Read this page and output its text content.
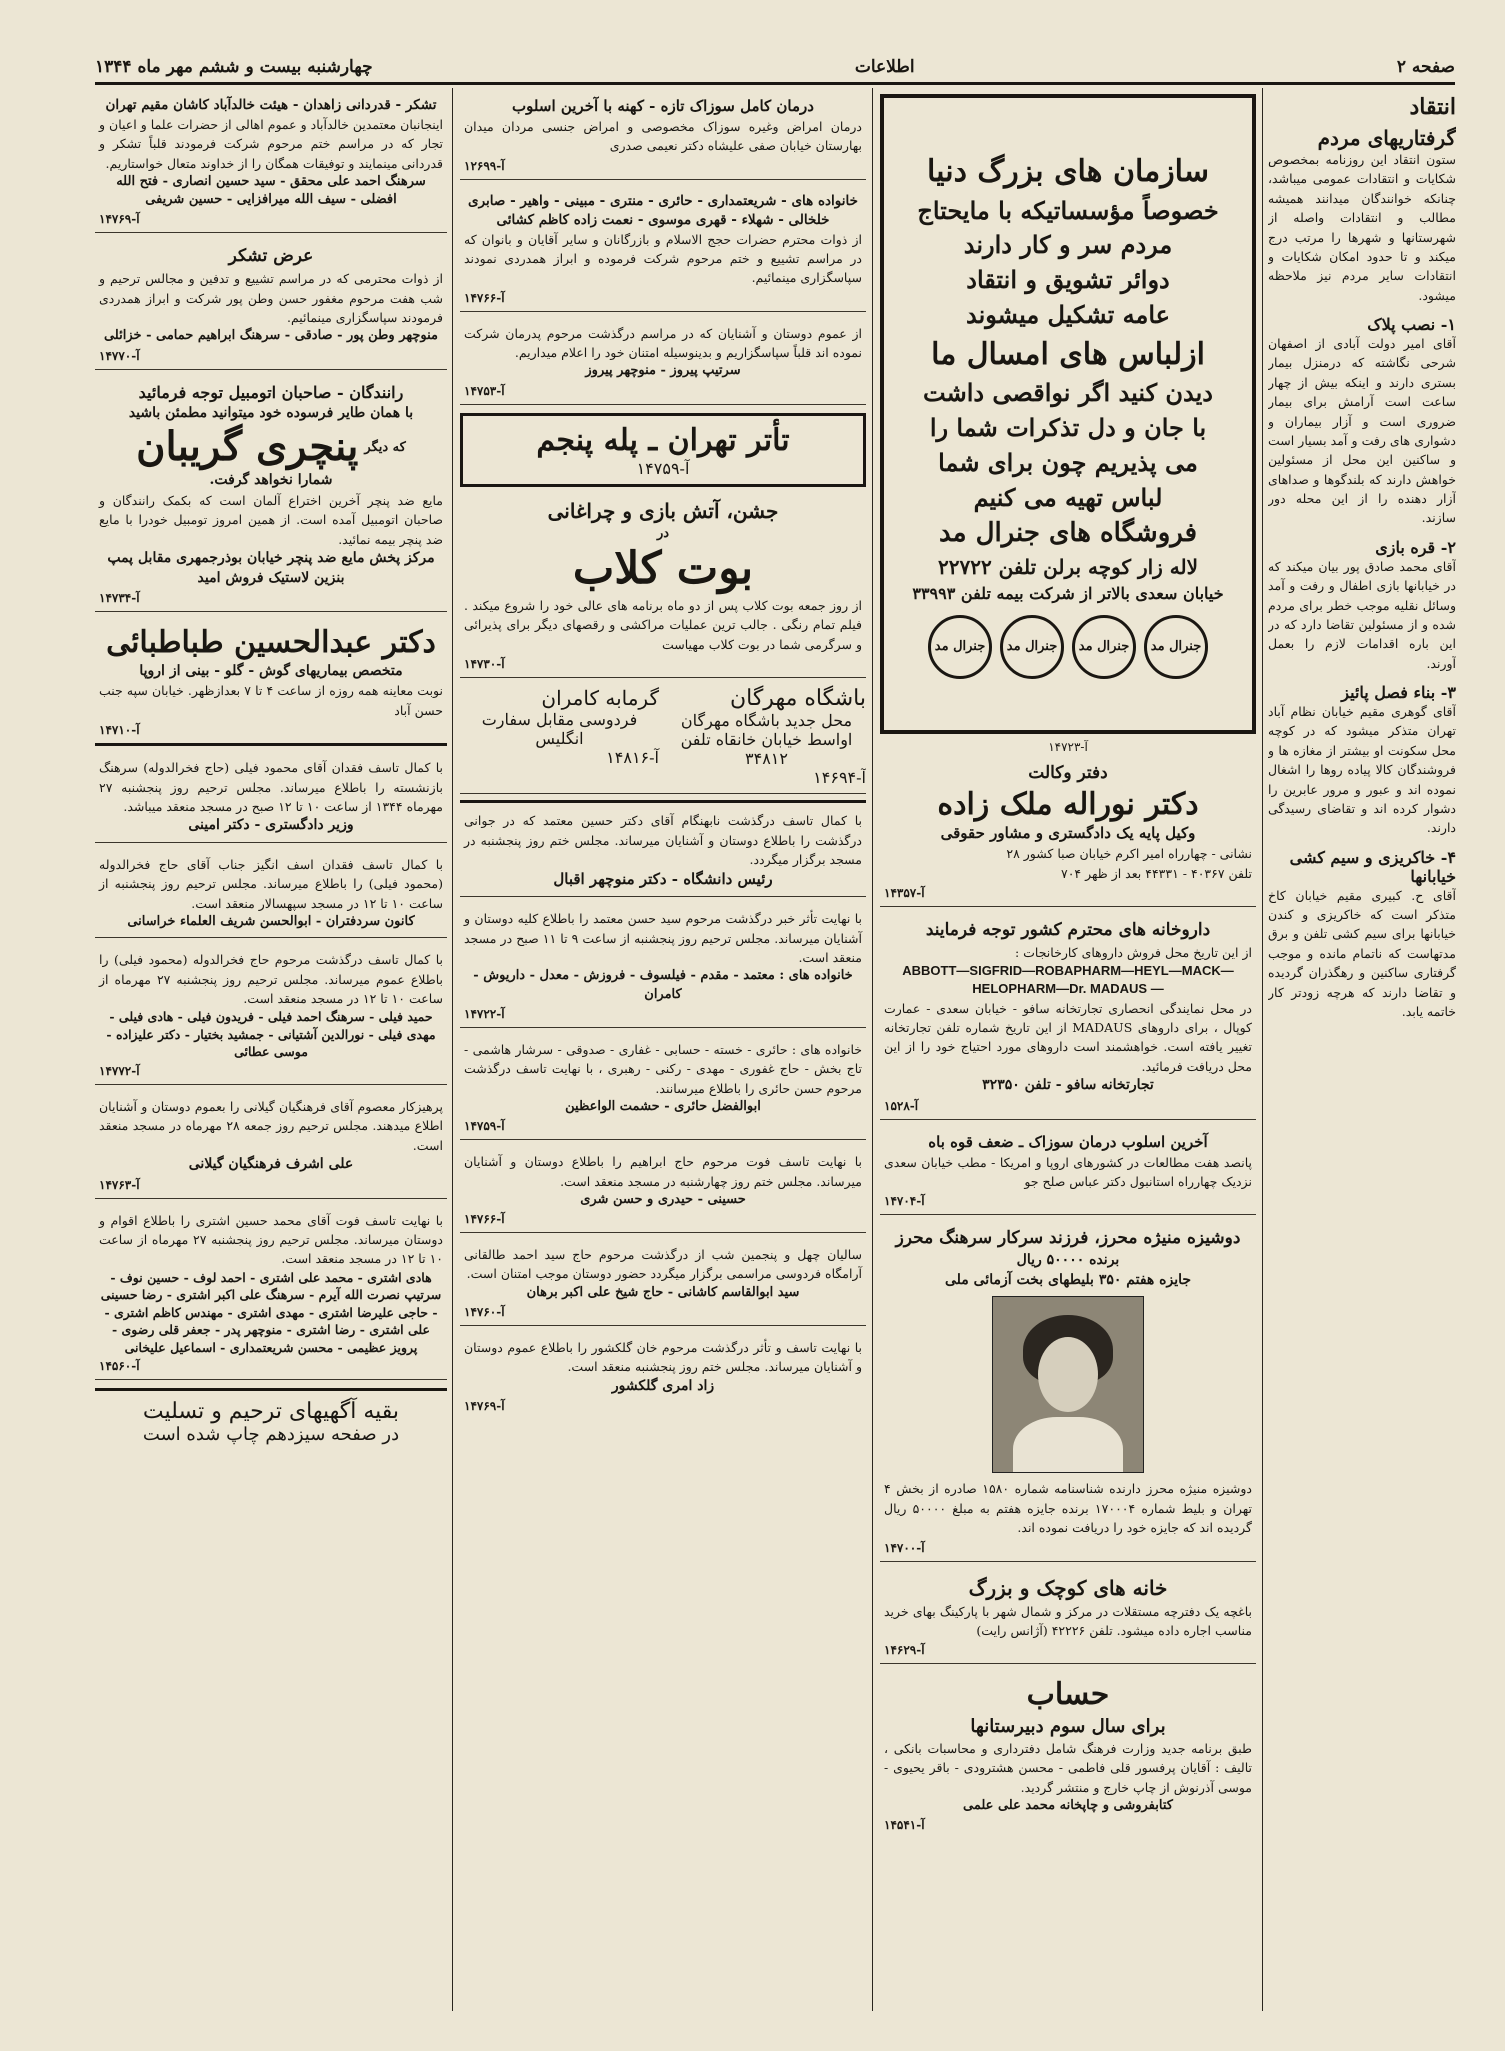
صفحه ۲
اطلاعات
چهارشنبه بیست و ششم مهر ماه ۱۳۴۴
انتقاد
گرفتاریهای مردم
ستون انتقاد این روزنامه بمخصوص شکایات و انتقادات عمومی میباشد، چنانکه خوانندگان میدانند همیشه مطالب و انتقادات واصله از شهرستانها و شهرها را مرتب درج میکند و تا حدود امکان شکایات و انتقادات سایر مردم نیز ملاحظه میشود.
۱- نصب پلاک
آقای امیر دولت آبادی از اصفهان شرحی نگاشته که درمنزل بیمار بستری دارند و اینکه بیش از چهار ساعت است آرامش برای بیمار ضروری است و آزار بیماران و دشواری های رفت و آمد بسیار است و ساکنین این محل از مسئولین خواهش دارند که بلندگوها و صداهای آزار دهنده را از این محله دور سازند.
۲- قره بازی
آقای محمد صادق پور بیان میکند که در خیابانها بازی اطفال و رفت و آمد وسائل نقلیه موجب خطر برای مردم شده و از مسئولین تقاضا دارد که در این باره اقدامات لازم را بعمل آورند.
۳- بناء فصل پائیز
آقای گوهری مقیم خیابان نظام آباد تهران متذکر میشود که در کوچه محل سکونت او بیشتر از مغازه ها و فروشندگان کالا پیاده روها را اشغال نموده اند و عبور و مرور عابرین را دشوار کرده اند و تقاضای رسیدگی دارند.
۴- خاکریزی و سیم کشی خیابانها
آقای ح. کبیری مقیم خیابان کاخ متذکر است که خاکریزی و کندن خیابانها برای سیم کشی تلفن و برق مدتهاست که ناتمام مانده و موجب گرفتاری ساکنین و رهگذران گردیده و تقاضا دارند که هرچه زودتر کار خاتمه یابد.
سازمان های بزرگ دنیا
خصوصاً مؤسساتیکه با مایحتاج
مردم سر و کار دارند
دوائر تشویق و انتقاد
عامه تشکیل میشوند
ازلباس های امسال ما
دیدن کنید اگر نواقصی داشت
با جان و دل تذکرات شما را
می پذیریم چون برای شما
لباس تهیه می کنیم
فروشگاه های جنرال مد
لاله زار کوچه برلن تلفن ۲۲۷۲۲
خیابان سعدی بالاتر از شرکت بیمه تلفن ۳۳۹۹۳
جنرال مد
جنرال مد
جنرال مد
جنرال مد
آ-۱۴۷۲۳
دفتر وکالت
دکتر نوراله ملک زاده
وکیل پایه یک دادگستری و مشاور حقوقی
نشانی - چهارراه امیر اکرم خیابان صبا کشور ۲۸
تلفن ۴۰۳۶۷ - ۴۴۳۳۱ بعد از ظهر ۷۰۴
آ-۱۴۳۵۷
داروخانه های محترم کشور توجه فرمایند
از این تاریخ محل فروش داروهای کارخانجات :
ABBOTT—SIGFRID—ROBAPHARM—HEYL—MACK—HELOPHARM—Dr. MADAUS —
در محل نمایندگی انحصاری تجارتخانه سافو - خیابان سعدی - عمارت کوپال ، برای داروهای MADAUS از این تاریخ شماره تلفن تجارتخانه تغییر یافته است. خواهشمند است داروهای مورد احتیاج خود را از این محل دریافت فرمائید.
تجارتخانه سافو - تلفن ۳۲۳۵۰
آ-۱۵۲۸
آخرین اسلوب درمان سوزاک ـ ضعف قوه باه
پانصد هفت مطالعات در کشورهای اروپا و امریکا - مطب خیابان سعدی نزدیک چهارراه استانبول دکتر عباس صلح جو
آ-۱۴۷۰۴
دوشیزه منیژه محرز، فرزند سرکار سرهنگ محرز
برنده ۵۰۰۰۰ ریال
جایزه هفتم ۳۵۰ بلیطهای بخت آزمائی ملی
دوشیزه منیژه محرز دارنده شناسنامه شماره ۱۵۸۰ صادره از بخش ۴ تهران و بلیط شماره ۱۷۰۰۰۴ برنده جایزه هفتم به مبلغ ۵۰۰۰۰ ریال گردیده اند که جایزه خود را دریافت نموده اند.
آ-۱۴۷۰۰
خانه های کوچک و بزرگ
باغچه یک دفترچه مستقلات در مرکز و شمال شهر با پارکینگ بهای خرید مناسب اجاره داده میشود. تلفن ۴۲۲۲۶ (آژانس رایت)
آ-۱۴۶۲۹
حساب
برای سال سوم دبیرستانها
طبق برنامه جدید وزارت فرهنگ شامل دفترداری و محاسبات بانکی ، تالیف : آقایان پرفسور قلی فاطمی - محسن هشترودی - باقر یحیوی - موسی آذرنوش از چاپ خارج و منتشر گردید.
کتابفروشی و چاپخانه محمد علی علمی
آ-۱۴۵۴۱
درمان کامل سوزاک تازه - کهنه با آخرین اسلوب
درمان امراض وغیره سوزاک مخصوصی و امراض جنسی مردان میدان بهارستان خیابان صفی علیشاه دکتر نعیمی صدری
آ-۱۲۶۹۹
خانواده های - شریعتمداری - حائری - منتری - مبینی - واهیر - صابری خلخالی - شهلاء - قهری موسوی - نعمت زاده کاظم کشائی
از ذوات محترم حضرات حجج الاسلام و بازرگانان و سایر آقایان و بانوان که در مراسم تشییع و ختم مرحوم شرکت فرموده و ابراز همدردی نمودند سپاسگزاری مینمائیم.
آ-۱۴۷۶۶
از عموم دوستان و آشنایان که در مراسم درگذشت مرحوم پدرمان شرکت نموده اند قلباً سپاسگزاریم و بدینوسیله امتنان خود را اعلام میداریم.
سرتیپ پیروز - منوچهر پیروز
آ-۱۴۷۵۳
تأتر تهران ـ پله پنجم
آ-۱۴۷۵۹
جشن، آتش بازی و چراغانی
در
بوت کلاب
از روز جمعه بوت کلاب پس از دو ماه برنامه های عالی خود را شروع میکند . فیلم تمام رنگی . جالب ترین عملیات مراکشی و رقصهای دیگر برای پذیرائی و سرگرمی شما در بوت کلاب مهیاست
آ-۱۴۷۳۰
باشگاه مهرگان
محل جدید باشگاه مهرگان اواسط خیابان خانقاه تلفن ۳۴۸۱۲
آ-۱۴۶۹۴
گرمابه کامران
فردوسی مقابل سفارت انگلیس
آ-۱۴۸۱۶
با کمال تاسف درگذشت نابهنگام آقای دکتر حسین معتمد که در جوانی درگذشت را باطلاع دوستان و آشنایان میرساند. مجلس ختم روز پنجشنبه در مسجد برگزار میگردد.
رئیس دانشگاه - دکتر منوچهر اقبال
با نهایت تأثر خبر درگذشت مرحوم سید حسن معتمد را باطلاع کلیه دوستان و آشنایان میرساند. مجلس ترحیم روز پنجشنبه از ساعت ۹ تا ۱۱ صبح در مسجد منعقد است.
خانواده های : معتمد - مقدم - فیلسوف - فروزش - معدل - داریوش - کامران
آ-۱۴۷۲۲
خانواده های : حائری - خسته - حسابی - غفاری - صدوقی - سرشار هاشمی - تاج بخش - حاج غفوری - مهدی - رکنی - رهبری ، با نهایت تاسف درگذشت مرحوم حسن حائری را باطلاع میرسانند.
ابوالفضل حائری - حشمت الواعظین
آ-۱۴۷۵۹
با نهایت تاسف فوت مرحوم حاج ابراهیم را باطلاع دوستان و آشنایان میرساند. مجلس ختم روز چهارشنبه در مسجد منعقد است.
حسینی - حیدری و حسن شری
آ-۱۴۷۶۶
سالیان چهل و پنجمین شب از درگذشت مرحوم حاج سید احمد طالقانی آرامگاه فردوسی مراسمی برگزار میگردد حضور دوستان موجب امتنان است.
سید ابوالقاسم کاشانی - حاج شیخ علی اکبر برهان
آ-۱۴۷۶۰
با نهایت تاسف و تأثر درگذشت مرحوم خان گلکشور را باطلاع عموم دوستان و آشنایان میرساند. مجلس ختم روز پنجشنبه منعقد است.
زاد امری گلکشور
آ-۱۴۷۶۹
تشکر - قدردانی زاهدان - هیئت خالدآباد کاشان مقیم تهران
اینجانبان معتمدین خالدآباد و عموم اهالی از حضرات علما و اعیان و تجار که در مراسم ختم مرحوم شرکت فرمودند قلباً تشکر و قدردانی مینمایند و توفیقات همگان را از خداوند متعال خواستاریم.
سرهنگ احمد علی محقق - سید حسین انصاری - فتح الله افضلی - سیف الله میرافزایی - حسین شریفی
آ-۱۴۷۶۹
عرض تشکر
از ذوات محترمی که در مراسم تشییع و تدفین و مجالس ترحیم و شب هفت مرحوم مغفور حسن وطن پور شرکت و ابراز همدردی فرمودند سپاسگزاری مینمائیم.
منوچهر وطن پور - صادقی - سرهنگ ابراهیم حمامی - خزائلی
آ-۱۴۷۷۰
رانندگان - صاحبان اتومبیل توجه فرمائید
با همان طایر فرسوده خود میتوانید مطمئن باشید
که دیگر
پنچری گریبان
شمارا نخواهد گرفت.
مایع ضد پنچر آخرین اختراع آلمان است که بکمک رانندگان و صاحبان اتومبیل آمده است. از همین امروز تومبیل خودرا با مایع ضد پنچر بیمه نمائید.
مرکز پخش مایع ضد پنچر خیابان بوذرجمهری مقابل پمپ بنزین لاستیک فروش امید
آ-۱۴۷۳۴
دکتر عبدالحسین طباطبائی
متخصص بیماریهای گوش - گلو - بینی از اروپا
نوبت معاینه همه روزه از ساعت ۴ تا ۷ بعدازظهر. خیابان سپه جنب حسن آباد
آ-۱۴۷۱۰
با کمال تاسف فقدان آقای محمود فیلی (حاج فخرالدوله) سرهنگ بازنشسته را باطلاع میرساند. مجلس ترحیم روز پنجشنبه ۲۷ مهرماه ۱۳۴۴ از ساعت ۱۰ تا ۱۲ صبح در مسجد منعقد میباشد.
وزیر دادگستری - دکتر امینی
با کمال تاسف فقدان اسف انگیز جناب آقای حاج فخرالدوله (محمود فیلی) را باطلاع میرساند. مجلس ترحیم روز پنجشنبه از ساعت ۱۰ تا ۱۲ در مسجد سپهسالار منعقد است.
کانون سردفتران - ابوالحسن شریف العلماء خراسانی
با کمال تاسف درگذشت مرحوم حاج فخرالدوله (محمود فیلی) را باطلاع عموم میرساند. مجلس ترحیم روز پنجشنبه ۲۷ مهرماه از ساعت ۱۰ تا ۱۲ در مسجد منعقد است.
حمید فیلی - سرهنگ احمد فیلی - فریدون فیلی - هادی فیلی - مهدی فیلی - نورالدین آشتیانی - جمشید بختیار - دکتر علیزاده - موسی عطائی
آ-۱۴۷۷۲
پرهیزکار معصوم آقای فرهنگیان گیلانی را بعموم دوستان و آشنایان اطلاع میدهند. مجلس ترحیم روز جمعه ۲۸ مهرماه در مسجد منعقد است.
علی اشرف فرهنگیان گیلانی
آ-۱۴۷۶۳
با نهایت تاسف فوت آقای محمد حسین اشتری را باطلاع اقوام و دوستان میرساند. مجلس ترحیم روز پنجشنبه ۲۷ مهرماه از ساعت ۱۰ تا ۱۲ در مسجد منعقد است.
هادی اشتری - محمد علی اشتری - احمد لوف - حسین نوف - سرتیپ نصرت الله آیرم - سرهنگ علی اکبر اشتری - رضا حسینی - حاجی علیرضا اشتری - مهدی اشتری - مهندس کاظم اشتری - علی اشتری - رضا اشتری - منوچهر پدر - جعفر قلی رضوی - پرویز عظیمی - محسن شریعتمداری - اسماعیل علیخانی
آ-۱۴۵۶۰
بقیه آگهیهای ترحیم و تسلیت
در صفحه سیزدهم چاپ شده است
